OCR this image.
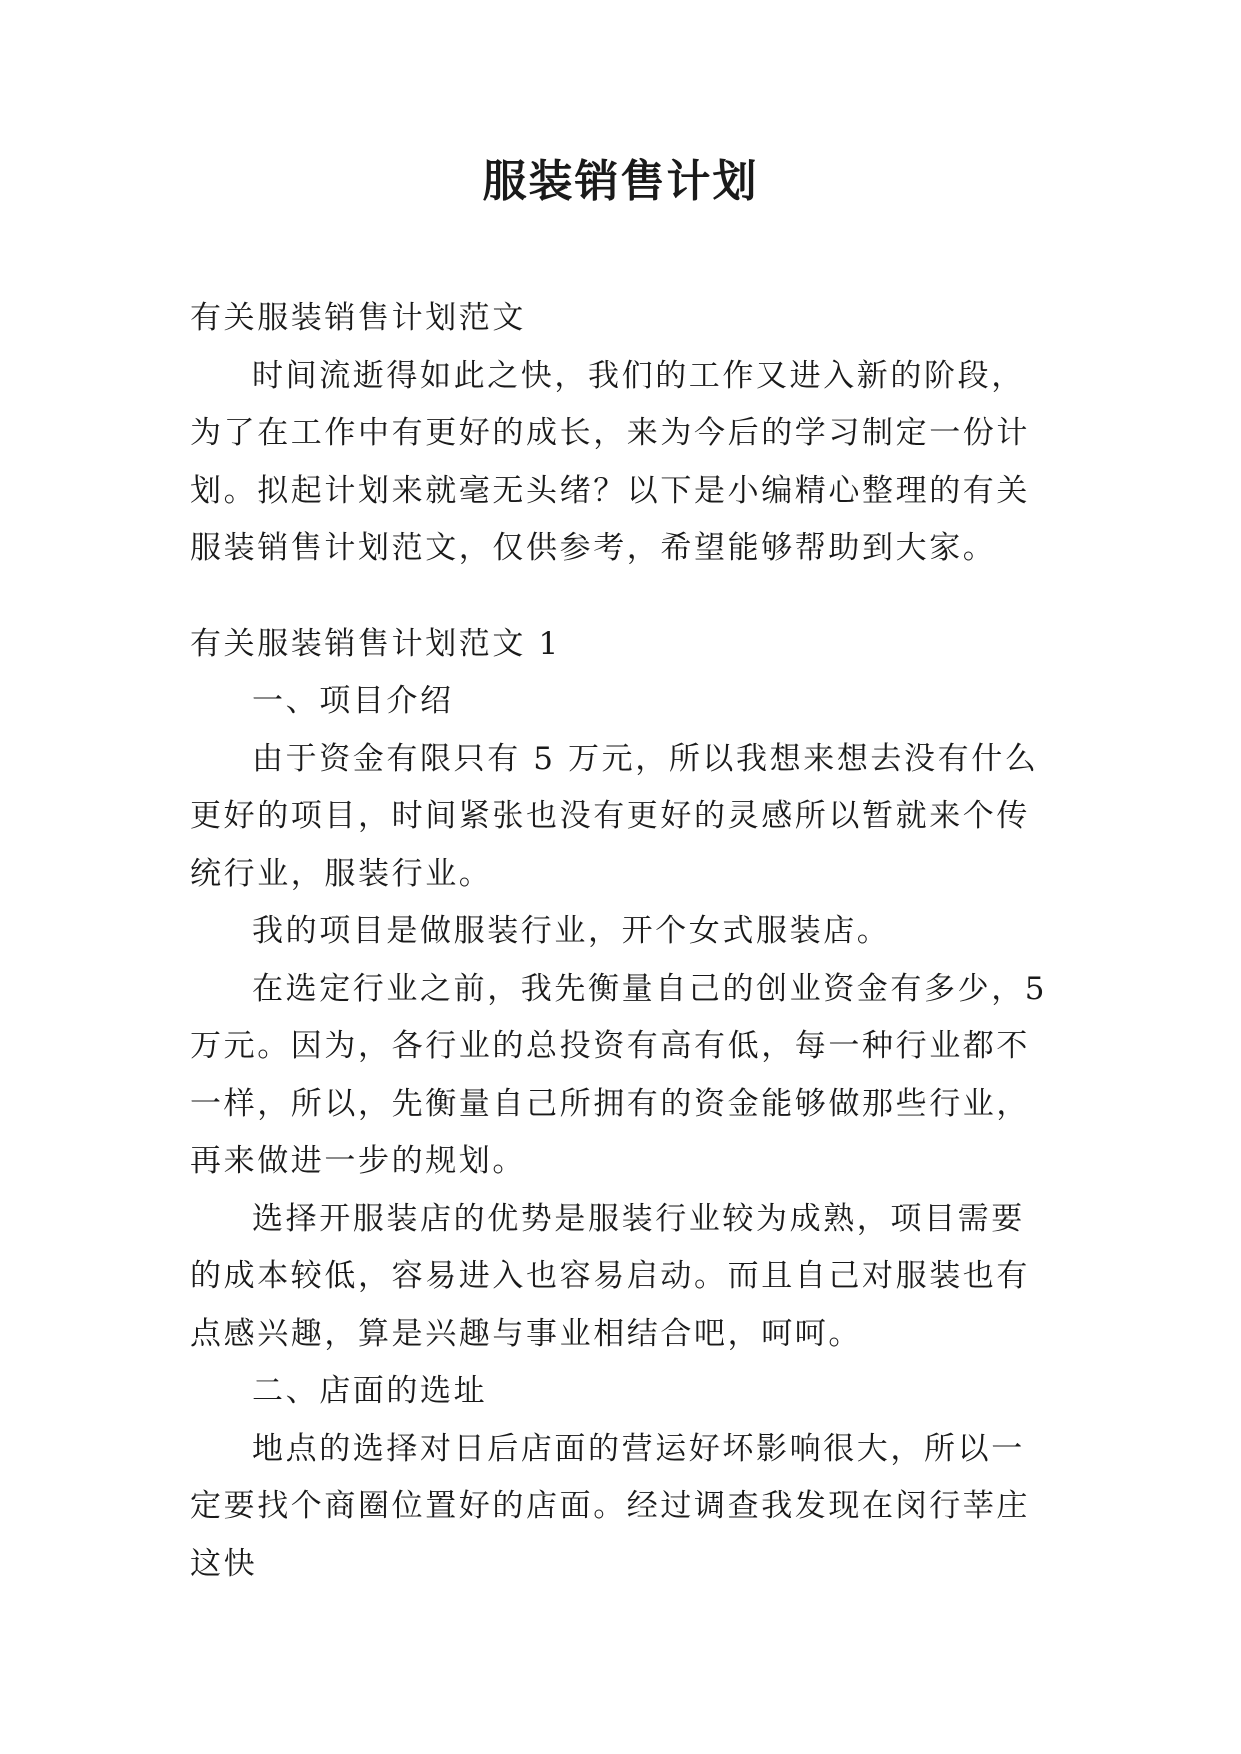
服装销售计划

有关服装销售计划范文

时间流逝得如此之快，我们的工作又进入新的阶段，为了在工作中有更好的成长，来为今后的学习制定一份计划。拟起计划来就毫无头绪？以下是小编精心整理的有关服装销售计划范文，仅供参考，希望能够帮助到大家。

有关服装销售计划范文 1

一、项目介绍

由于资金有限只有 5 万元，所以我想来想去没有什么更好的项目，时间紧张也没有更好的灵感所以暂就来个传统行业，服装行业。

我的项目是做服装行业，开个女式服装店。

在选定行业之前，我先衡量自己的创业资金有多少，5 万元。因为，各行业的总投资有高有低，每一种行业都不一样，所以，先衡量自己所拥有的资金能够做那些行业，再来做进一步的规划。

选择开服装店的优势是服装行业较为成熟，项目需要的成本较低，容易进入也容易启动。而且自己对服装也有点感兴趣，算是兴趣与事业相结合吧，呵呵。

二、店面的选址

地点的选择对日后店面的营运好坏影响很大，所以一定要找个商圈位置好的店面。经过调查我发现在闵行莘庄这快
